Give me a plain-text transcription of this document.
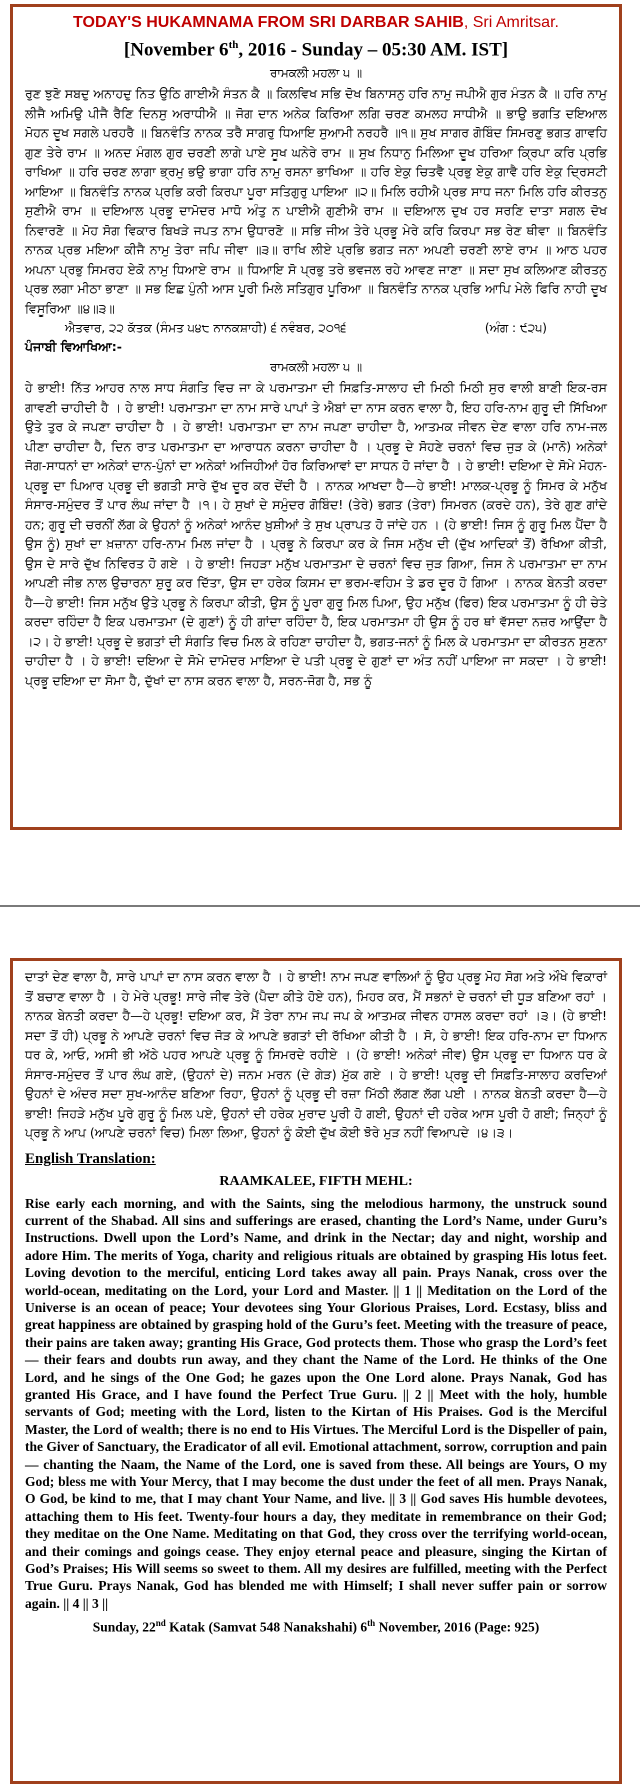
TODAY'S HUKAMNAMA FROM SRI DARBAR SAHIB, Sri Amritsar.
[November 6th, 2016 - Sunday – 05:30 AM. IST]
ਰਾਮਕਲੀ ਮਹਲਾ ੫ ॥
ਰੁਣ ਝੁਣੋ ਸਬਦੁ ਅਨਾਹਦੁ ਨਿਤ ਉਠਿ ਗਾਈਐ ਸੰਤਨ ਕੈ ॥ ਕਿਲਵਿਖ ਸਭਿ ਦੋਖ ਬਿਨਾਸਨੁ ਹਰਿ ਨਾਮੁ ਜਪੀਐ ਗੁਰ ਮੰਤਨ ਕੈ ॥ ਹਰਿ ਨਾਮੁ ਲੀਜੈ ਅਮਿਉ ਪੀਜੈ ਰੈਣਿ ਦਿਨਸੁ ਅਰਾਧੀਐ ॥ ਜੋਗ ਦਾਨ ਅਨੇਕ ਕਿਰਿਆ ਲਗਿ ਚਰਣ ਕਮਲਹ ਸਾਧੀਐ ॥ ਭਾਉ ਭਗਤਿ ਦਇਆਲ ਮੋਹਨ ਦੂਖ ਸਗਲੇ ਪਰਹਰੈ ॥ ਬਿਨਵੰਤਿ ਨਾਨਕ ਤਰੈ ਸਾਗਰੁ ਧਿਆਇ ਸੁਆਮੀ ਨਰਹਰੈ ॥੧॥ ਸੁਖ ਸਾਗਰ ਗੋਬਿੰਦ ਸਿਮਰਣੁ ਭਗਤ ਗਾਵਹਿ ਗੁਣ ਤੇਰੇ ਰਾਮ ॥ ਅਨਦ ਮੰਗਲ ਗੁਰ ਚਰਣੀ ਲਾਗੇ ਪਾਏ ਸੂਖ ਘਨੇਰੇ ਰਾਮ ॥ ਸੁਖ ਨਿਧਾਨੁ ਮਿਲਿਆ ਦੂਖ ਹਰਿਆ ਕ੍ਰਿਪਾ ਕਰਿ ਪ੍ਰਭਿ ਰਾਖਿਆ ॥ ਹਰਿ ਚਰਣ ਲਾਗਾ ਭ੍ਰਮੁ ਭਉ ਭਾਗਾ ਹਰਿ ਨਾਮੁ ਰਸਨਾ ਭਾਖਿਆ ॥ ਹਰਿ ਏਕੁ ਚਿਤਵੈ ਪ੍ਰਭੁ ਏਕੁ ਗਾਵੈ ਹਰਿ ਏਕੁ ਦ੍ਰਿਸਟੀ ਆਇਆ ॥ ਬਿਨਵੰਤਿ ਨਾਨਕ ਪ੍ਰਭਿ ਕਰੀ ਕਿਰਪਾ ਪੂਰਾ ਸਤਿਗੁਰੁ ਪਾਇਆ ॥੨॥ ਮਿਲਿ ਰਹੀਐ ਪ੍ਰਭ ਸਾਧ ਜਨਾ ਮਿਲਿ ਹਰਿ ਕੀਰਤਨੁ ਸੁਣੀਐ ਰਾਮ ॥ ਦਇਆਲ ਪ੍ਰਭੂ ਦਾਮੋਦਰ ਮਾਧੋ ਅੰਤੁ ਨ ਪਾਈਐ ਗੁਣੀਐ ਰਾਮ ॥ ਦਇਆਲ ਦੁਖ ਹਰ ਸਰਣਿ ਦਾਤਾ ਸਗਲ ਦੋਖ ਨਿਵਾਰਣੋ ॥ ਮੋਹ ਸੋਗ ਵਿਕਾਰ ਬਿਖੜੇ ਜਪਤ ਨਾਮ ਉਧਾਰਣੋ ॥ ਸਭਿ ਜੀਅ ਤੇਰੇ ਪ੍ਰਭੂ ਮੇਰੇ ਕਰਿ ਕਿਰਪਾ ਸਭ ਰੇਣ ਥੀਵਾ ॥ ਬਿਨਵੰਤਿ ਨਾਨਕ ਪ੍ਰਭ ਮਇਆ ਕੀਜੈ ਨਾਮੁ ਤੇਰਾ ਜਪਿ ਜੀਵਾ ॥੩॥ ਰਾਖਿ ਲੀਏ ਪ੍ਰਭਿ ਭਗਤ ਜਨਾ ਅਪਣੀ ਚਰਣੀ ਲਾਏ ਰਾਮ ॥ ਆਠ ਪਹਰ ਅਪਨਾ ਪ੍ਰਭੁ ਸਿਮਰਹ ਏਕੋ ਨਾਮੁ ਧਿਆਏ ਰਾਮ ॥ ਧਿਆਇ ਸੋ ਪ੍ਰਭੁ ਤਰੇ ਭਵਜਲ ਰਹੇ ਆਵਣ ਜਾਣਾ ॥ ਸਦਾ ਸੁਖ ਕਲਿਆਣ ਕੀਰਤਨੁ ਪ੍ਰਭ ਲਗਾ ਮੀਠਾ ਭਾਣਾ ॥ ਸਭ ਇਛ ਪੁੰਨੀ ਆਸ ਪੂਰੀ ਮਿਲੇ ਸਤਿਗੁਰ ਪੂਰਿਆ ॥ ਬਿਨਵੰਤਿ ਨਾਨਕ ਪ੍ਰਭਿ ਆਪਿ ਮੇਲੇ ਫਿਰਿ ਨਾਹੀ ਦੂਖ ਵਿਸੂਰਿਆ ॥੪॥੩॥
ਐਤਵਾਰ, ੨੨ ਕੱਤਕ (ਸੰਮਤ ੫੪੮ ਨਾਨਕਸ਼ਾਹੀ) ੬ ਨਵੰਬਰ, ੨੦੧੬	(ਅੰਗ : ੯੨੫)
ਪੰਜਾਬੀ ਵਿਆਖਿਆ:-
ਰਾਮਕਲੀ ਮਹਲਾ ੫ ॥
ਹੇ ਭਾਈ! ਨਿੱਤ ਆਹਰ ਨਾਲ ਸਾਧ ਸੰਗਤਿ ਵਿਚ ਜਾ ਕੇ ਪਰਮਾਤਮਾ ਦੀ ਸਿਫ਼ਤਿ-ਸਾਲਾਹ ਦੀ ਮਿਠੀ ਮਿਠੀ ਸੁਰ ਵਾਲੀ ਬਾਣੀ ਇਕ-ਰਸ ਗਾਵਣੀ ਚਾਹੀਦੀ ਹੈ । ਹੇ ਭਾਈ! ਪਰਮਾਤਮਾ ਦਾ ਨਾਮ ਸਾਰੇ ਪਾਪਾਂ ਤੇ ਐਬਾਂ ਦਾ ਨਾਸ ਕਰਨ ਵਾਲਾ ਹੈ, ਇਹ ਹਰਿ-ਨਾਮ ਗੁਰੂ ਦੀ ਸਿੱਖਿਆ ਉਤੇ ਤੁਰ ਕੇ ਜਪਣਾ ਚਾਹੀਦਾ ਹੈ । ਹੇ ਭਾਈ! ਪਰਮਾਤਮਾ ਦਾ ਨਾਮ ਜਪਣਾ ਚਾਹੀਦਾ ਹੈ, ਆਤਮਕ ਜੀਵਨ ਦੇਣ ਵਾਲਾ ਹਰਿ ਨਾਮ-ਜਲ ਪੀਣਾ ਚਾਹੀਦਾ ਹੈ, ਦਿਨ ਰਾਤ ਪਰਮਾਤਮਾ ਦਾ ਆਰਾਧਨ ਕਰਨਾ ਚਾਹੀਦਾ ਹੈ । ਪ੍ਰਭੂ ਦੇ ਸੋਹਣੇ ਚਰਨਾਂ ਵਿਚ ਜੁੜ ਕੇ (ਮਾਨੋ) ਅਨੇਕਾਂ ਜੋਗ-ਸਾਧਨਾਂ ਦਾ ਅਨੇਕਾਂ ਦਾਨ-ਪੁੰਨਾਂ ਦਾ ਅਨੇਕਾਂ ਅਜਿਹੀਆਂ ਹੋਰ ਕਿਰਿਆਵਾਂ ਦਾ ਸਾਧਨ ਹੋ ਜਾਂਦਾ ਹੈ । ਹੇ ਭਾਈ! ਦਇਆ ਦੇ ਸੋਮੇ ਮੋਹਨ-ਪ੍ਰਭੂ ਦਾ ਪਿਆਰ ਪ੍ਰਭੂ ਦੀ ਭਗਤੀ ਸਾਰੇ ਦੁੱਖ ਦੂਰ ਕਰ ਦੇਂਦੀ ਹੈ । ਨਾਨਕ ਆਖਦਾ ਹੈ—ਹੇ ਭਾਈ! ਮਾਲਕ-ਪ੍ਰਭੂ ਨੂੰ ਸਿਮਰ ਕੇ ਮਨੁੱਖ ਸੰਸਾਰ-ਸਮੁੰਦਰ ਤੋਂ ਪਾਰ ਲੰਘ ਜਾਂਦਾ ਹੈ ।੧। ਹੇ ਸੁਖਾਂ ਦੇ ਸਮੁੰਦਰ ਗੋਬਿੰਦ! (ਤੇਰੇ) ਭਗਤ (ਤੇਰਾ) ਸਿਮਰਨ (ਕਰਦੇ ਹਨ), ਤੇਰੇ ਗੁਣ ਗਾਂਦੇ ਹਨ; ਗੁਰੂ ਦੀ ਚਰਨੀਂ ਲੱਗ ਕੇ ਉਹਨਾਂ ਨੂੰ ਅਨੇਕਾਂ ਆਨੰਦ ਖ਼ੁਸ਼ੀਆਂ ਤੇ ਸੁਖ ਪ੍ਰਾਪਤ ਹੋ ਜਾਂਦੇ ਹਨ । (ਹੇ ਭਾਈ! ਜਿਸ ਨੂੰ ਗੁਰੂ ਮਿਲ ਪੈਂਦਾ ਹੈ ਉਸ ਨੂੰ) ਸੁਖਾਂ ਦਾ ਖ਼ਜ਼ਾਨਾ ਹਰਿ-ਨਾਮ ਮਿਲ ਜਾਂਦਾ ਹੈ । ਪ੍ਰਭੂ ਨੇ ਕਿਰਪਾ ਕਰ ਕੇ ਜਿਸ ਮਨੁੱਖ ਦੀ (ਦੁੱਖ ਆਦਿਕਾਂ ਤੋਂ) ਰੱਖਿਆ ਕੀਤੀ, ਉਸ ਦੇ ਸਾਰੇ ਦੁੱਖ ਨਿਵਿਰਤ ਹੋ ਗਏ । ਹੇ ਭਾਈ! ਜਿਹੜਾ ਮਨੁੱਖ ਪਰਮਾਤਮਾ ਦੇ ਚਰਨਾਂ ਵਿਚ ਜੁੜ ਗਿਆ, ਜਿਸ ਨੇ ਪਰਮਾਤਮਾ ਦਾ ਨਾਮ ਆਪਣੀ ਜੀਭ ਨਾਲ ਉਚਾਰਨਾ ਸ਼ੁਰੂ ਕਰ ਦਿੱਤਾ, ਉਸ ਦਾ ਹਰੇਕ ਕਿਸਮ ਦਾ ਭਰਮ-ਵਹਿਮ ਤੇ ਡਰ ਦੂਰ ਹੋ ਗਿਆ । ਨਾਨਕ ਬੇਨਤੀ ਕਰਦਾ ਹੈ—ਹੇ ਭਾਈ! ਜਿਸ ਮਨੁੱਖ ਉਤੇ ਪ੍ਰਭੂ ਨੇ ਕਿਰਪਾ ਕੀਤੀ, ਉਸ ਨੂੰ ਪੂਰਾ ਗੁਰੂ ਮਿਲ ਪਿਆ, ਉਹ ਮਨੁੱਖ (ਫਿਰ) ਇਕ ਪਰਮਾਤਮਾ ਨੂੰ ਹੀ ਚੇਤੇ ਕਰਦਾ ਰਹਿੰਦਾ ਹੈ ਇਕ ਪਰਮਾਤਮਾ (ਦੇ ਗੁਣਾਂ) ਨੂੰ ਹੀ ਗਾਂਦਾ ਰਹਿੰਦਾ ਹੈ, ਇਕ ਪਰਮਾਤਮਾ ਹੀ ਉਸ ਨੂੰ ਹਰ ਥਾਂ ਵੱਸਦਾ ਨਜ਼ਰ ਆਉਂਦਾ ਹੈ ।੨। ਹੇ ਭਾਈ! ਪ੍ਰਭੂ ਦੇ ਭਗਤਾਂ ਦੀ ਸੰਗਤਿ ਵਿਚ ਮਿਲ ਕੇ ਰਹਿਣਾ ਚਾਹੀਦਾ ਹੈ, ਭਗਤ-ਜਨਾਂ ਨੂੰ ਮਿਲ ਕੇ ਪਰਮਾਤਮਾ ਦਾ ਕੀਰਤਨ ਸੁਣਨਾ ਚਾਹੀਦਾ ਹੈ । ਹੇ ਭਾਈ! ਦਇਆ ਦੇ ਸੋਮੇ ਦਾਮੋਦਰ ਮਾਇਆ ਦੇ ਪਤੀ ਪ੍ਰਭੂ ਦੇ ਗੁਣਾਂ ਦਾ ਅੰਤ ਨਹੀਂ ਪਾਇਆ ਜਾ ਸਕਦਾ । ਹੇ ਭਾਈ! ਪ੍ਰਭੂ ਦਇਆ ਦਾ ਸੋਮਾ ਹੈ, ਦੁੱਖਾਂ ਦਾ ਨਾਸ ਕਰਨ ਵਾਲਾ ਹੈ, ਸਰਨ-ਜੋਗ ਹੈ, ਸਭ ਨੂੰ
ਦਾਤਾਂ ਦੇਣ ਵਾਲਾ ਹੈ, ਸਾਰੇ ਪਾਪਾਂ ਦਾ ਨਾਸ ਕਰਨ ਵਾਲਾ ਹੈ । ਹੇ ਭਾਈ! ਨਾਮ ਜਪਣ ਵਾਲਿਆਂ ਨੂੰ ਉਹ ਪ੍ਰਭੂ ਮੋਹ ਸੋਗ ਅਤੇ ਔਖੇ ਵਿਕਾਰਾਂ ਤੋਂ ਬਚਾਣ ਵਾਲਾ ਹੈ । ਹੇ ਮੇਰੇ ਪ੍ਰਭੂ! ਸਾਰੇ ਜੀਵ ਤੇਰੇ (ਪੈਦਾ ਕੀਤੇ ਹੋਏ ਹਨ), ਮਿਹਰ ਕਰ, ਮੈਂ ਸਭਨਾਂ ਦੇ ਚਰਨਾਂ ਦੀ ਧੂੜ ਬਣਿਆ ਰਹਾਂ । ਨਾਨਕ ਬੇਨਤੀ ਕਰਦਾ ਹੈ—ਹੇ ਪ੍ਰਭੂ! ਦਇਆ ਕਰ, ਮੈਂ ਤੇਰਾ ਨਾਮ ਜਪ ਜਪ ਕੇ ਆਤਮਕ ਜੀਵਨ ਹਾਸਲ ਕਰਦਾ ਰਹਾਂ ।੩। (ਹੇ ਭਾਈ! ਸਦਾ ਤੋਂ ਹੀ) ਪ੍ਰਭੂ ਨੇ ਆਪਣੇ ਚਰਨਾਂ ਵਿਚ ਜੋੜ ਕੇ ਆਪਣੇ ਭਗਤਾਂ ਦੀ ਰੱਖਿਆ ਕੀਤੀ ਹੈ । ਸੋ, ਹੇ ਭਾਈ! ਇਕ ਹਰਿ-ਨਾਮ ਦਾ ਧਿਆਨ ਧਰ ਕੇ, ਆਓ, ਅਸੀ ਭੀ ਅੱਠੇ ਪਹਰ ਆਪਣੇ ਪ੍ਰਭੂ ਨੂੰ ਸਿਮਰਦੇ ਰਹੀਏ । (ਹੇ ਭਾਈ! ਅਨੇਕਾਂ ਜੀਵ) ਉਸ ਪ੍ਰਭੂ ਦਾ ਧਿਆਨ ਧਰ ਕੇ ਸੰਸਾਰ-ਸਮੁੰਦਰ ਤੋਂ ਪਾਰ ਲੰਘ ਗਏ, (ਉਹਨਾਂ ਦੇ) ਜਨਮ ਮਰਨ (ਦੇ ਗੇੜ) ਮੁੱਕ ਗਏ । ਹੇ ਭਾਈ! ਪ੍ਰਭੂ ਦੀ ਸਿਫ਼ਤਿ-ਸਾਲਾਹ ਕਰਦਿਆਂ ਉਹਨਾਂ ਦੇ ਅੰਦਰ ਸਦਾ ਸੁਖ-ਆਨੰਦ ਬਣਿਆ ਰਿਹਾ, ਉਹਨਾਂ ਨੂੰ ਪ੍ਰਭੂ ਦੀ ਰਜ਼ਾ ਮਿੱਠੀ ਲੱਗਣ ਲੱਗ ਪਈ । ਨਾਨਕ ਬੇਨਤੀ ਕਰਦਾ ਹੈ—ਹੇ ਭਾਈ! ਜਿਹੜੇ ਮਨੁੱਖ ਪੂਰੇ ਗੁਰੂ ਨੂੰ ਮਿਲ ਪਏ, ਉਹਨਾਂ ਦੀ ਹਰੇਕ ਮੁਰਾਦ ਪੂਰੀ ਹੋ ਗਈ, ਉਹਨਾਂ ਦੀ ਹਰੇਕ ਆਸ ਪੂਰੀ ਹੋ ਗਈ; ਜਿਨ੍ਹਾਂ ਨੂੰ ਪ੍ਰਭੂ ਨੇ ਆਪ (ਆਪਣੇ ਚਰਨਾਂ ਵਿਚ) ਮਿਲਾ ਲਿਆ, ਉਹਨਾਂ ਨੂੰ ਕੋਈ ਦੁੱਖ ਕੋਈ ਝੋਰੇ ਮੁੜ ਨਹੀਂ ਵਿਆਪਦੇ ।੪।੩।
English Translation:
RAAMKALEE, FIFTH MEHL:
Rise early each morning, and with the Saints, sing the melodious harmony, the unstruck sound current of the Shabad. All sins and sufferings are erased, chanting the Lord’s Name, under Guru’s Instructions. Dwell upon the Lord’s Name, and drink in the Nectar; day and night, worship and adore Him. The merits of Yoga, charity and religious rituals are obtained by grasping His lotus feet. Loving devotion to the merciful, enticing Lord takes away all pain. Prays Nanak, cross over the world-ocean, meditating on the Lord, your Lord and Master. || 1 || Meditation on the Lord of the Universe is an ocean of peace; Your devotees sing Your Glorious Praises, Lord. Ecstasy, bliss and great happiness are obtained by grasping hold of the Guru’s feet. Meeting with the treasure of peace, their pains are taken away; granting His Grace, God protects them. Those who grasp the Lord’s feet — their fears and doubts run away, and they chant the Name of the Lord. He thinks of the One Lord, and he sings of the One God; he gazes upon the One Lord alone. Prays Nanak, God has granted His Grace, and I have found the Perfect True Guru. || 2 || Meet with the holy, humble servants of God; meeting with the Lord, listen to the Kirtan of His Praises. God is the Merciful Master, the Lord of wealth; there is no end to His Virtues. The Merciful Lord is the Dispeller of pain, the Giver of Sanctuary, the Eradicator of all evil. Emotional attachment, sorrow, corruption and pain — chanting the Naam, the Name of the Lord, one is saved from these. All beings are Yours, O my God; bless me with Your Mercy, that I may become the dust under the feet of all men. Prays Nanak, O God, be kind to me, that I may chant Your Name, and live. || 3 || God saves His humble devotees, attaching them to His feet. Twenty-four hours a day, they meditate in remembrance on their God; they meditae on the One Name. Meditating on that God, they cross over the terrifying world-ocean, and their comings and goings cease. They enjoy eternal peace and pleasure, singing the Kirtan of God’s Praises; His Will seems so sweet to them. All my desires are fulfilled, meeting with the Perfect True Guru. Prays Nanak, God has blended me with Himself; I shall never suffer pain or sorrow again. || 4 || 3 ||
Sunday, 22nd Katak (Samvat 548 Nanakshahi) 6th November, 2016 (Page: 925)
